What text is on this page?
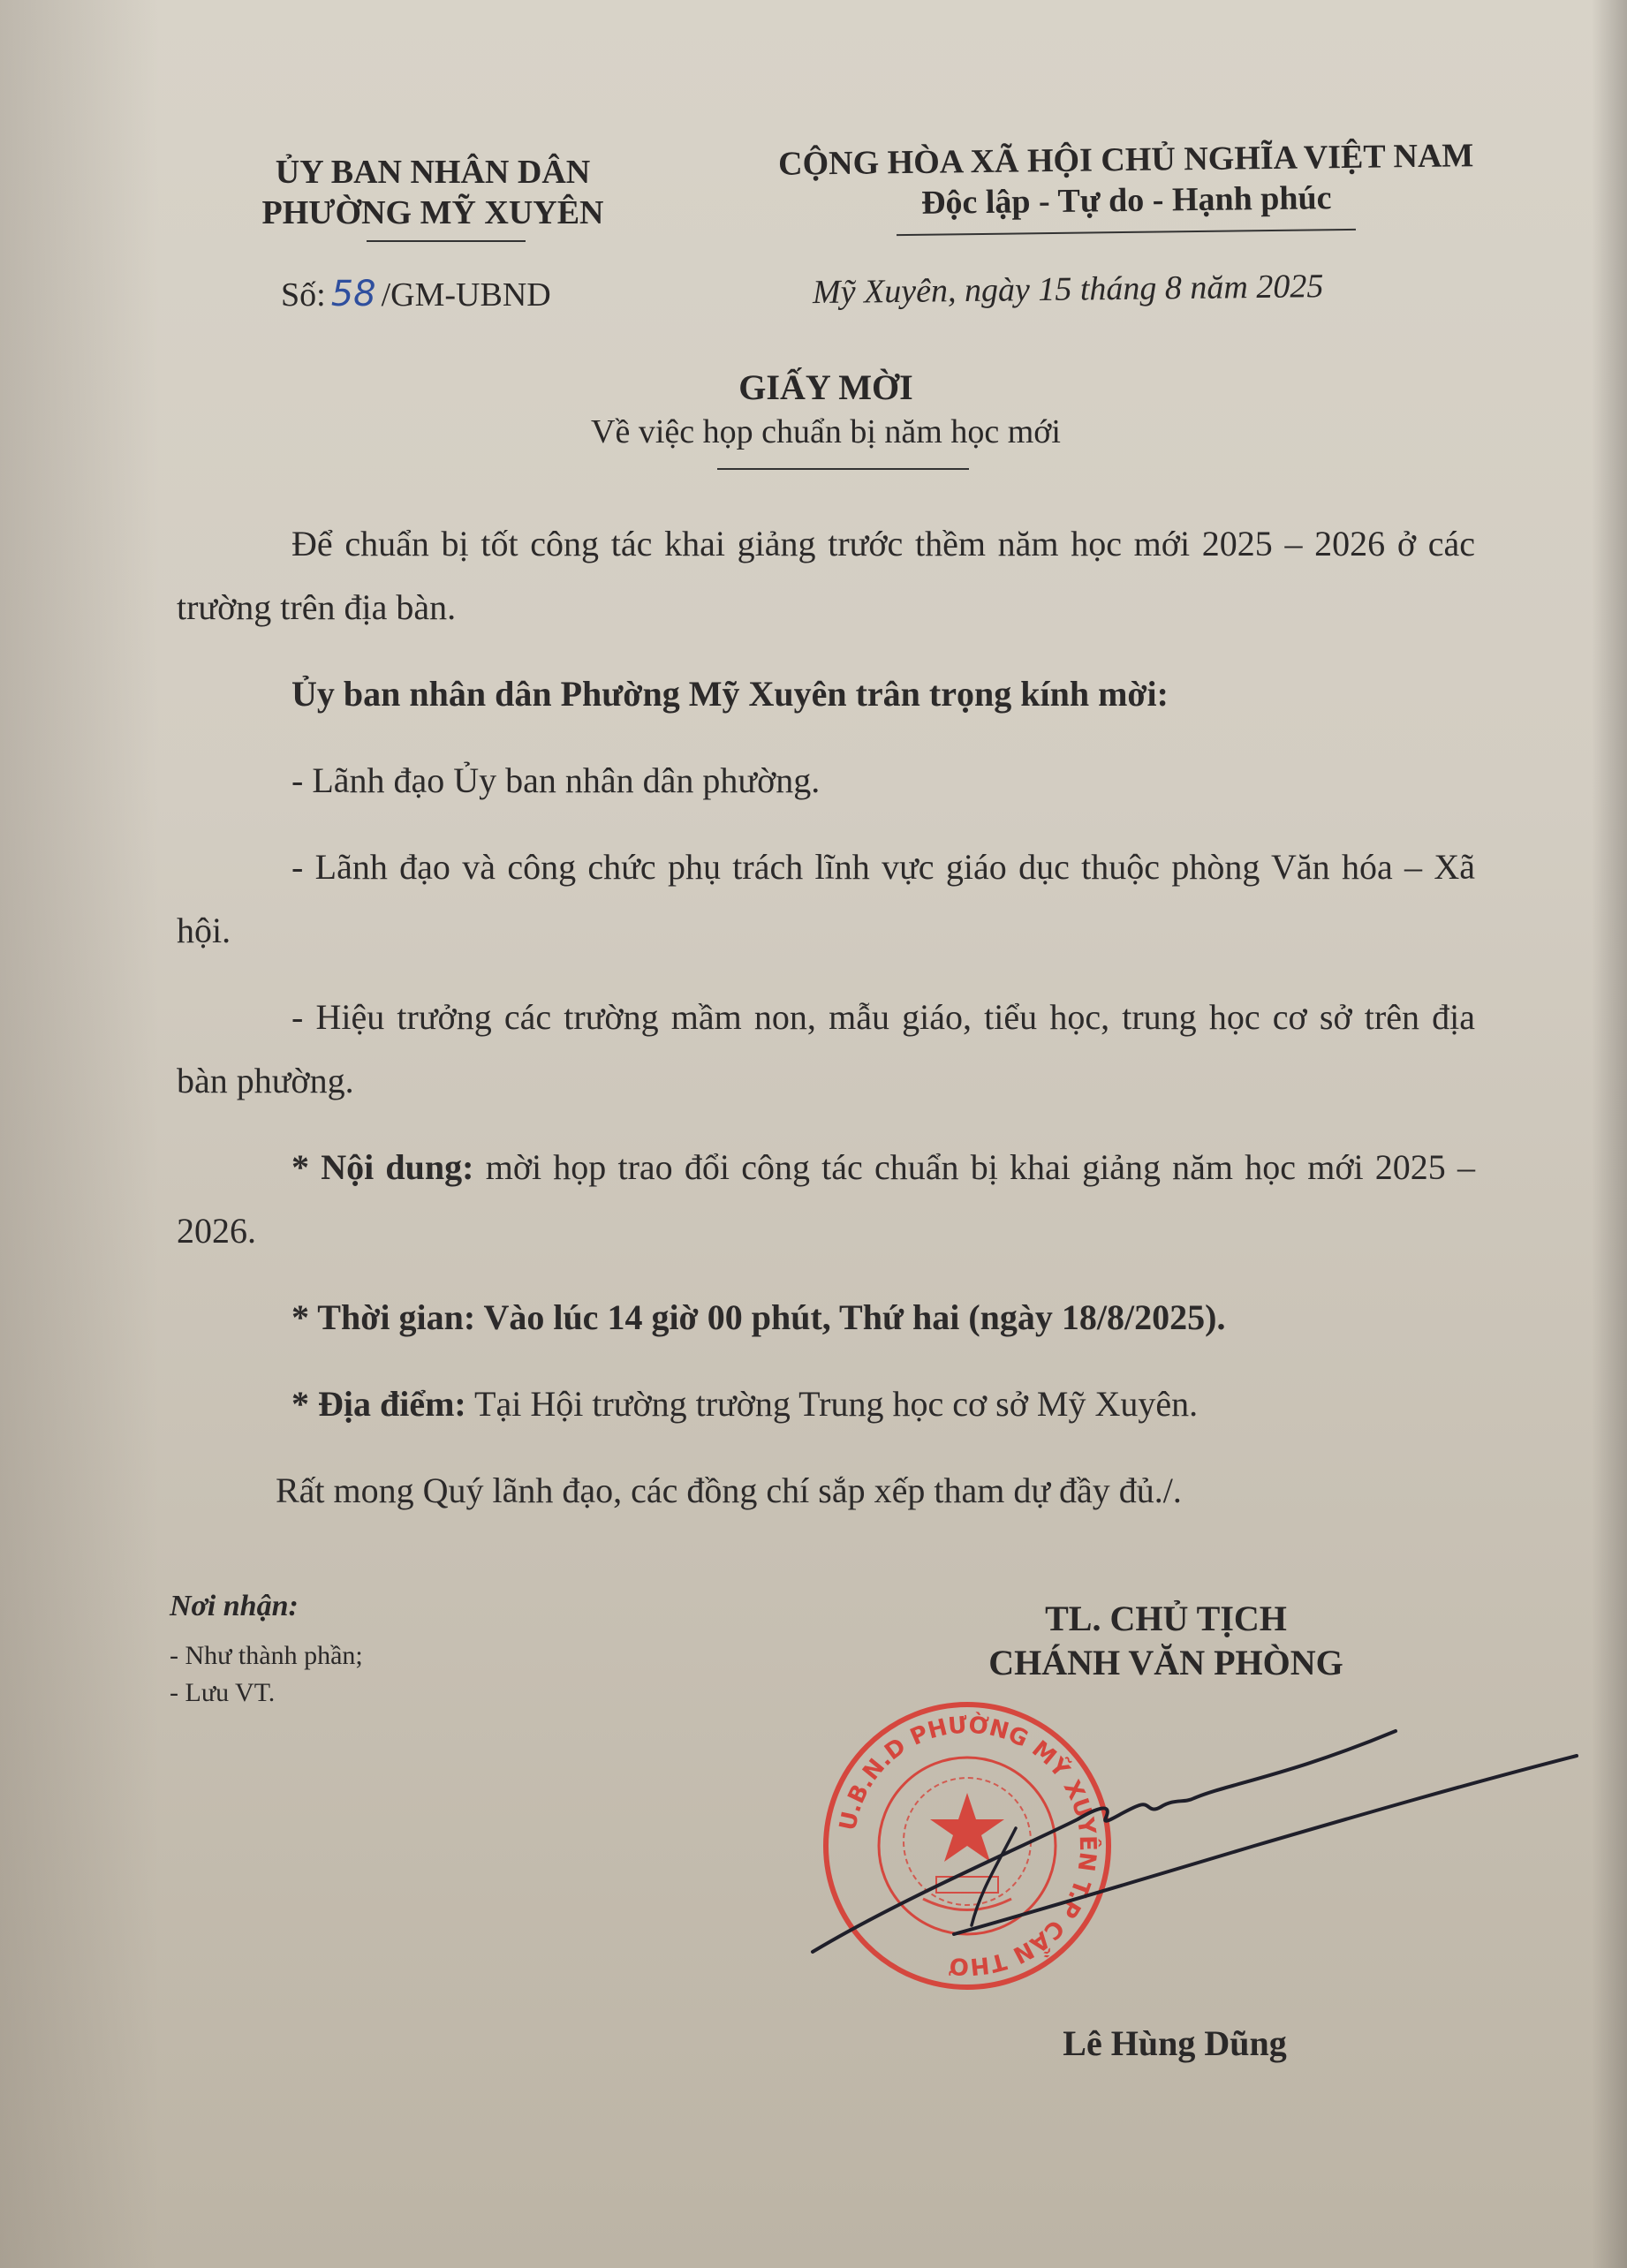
ỦY BAN NHÂN DÂN
PHƯỜNG MỸ XUYÊN
CỘNG HÒA XÃ HỘI CHỦ NGHĨA VIỆT NAM
Độc lập - Tự do - Hạnh phúc
Số: 58 /GM-UBND	Mỹ Xuyên, ngày 15 tháng 8 năm 2025
GIẤY MỜI
Về việc họp chuẩn bị năm học mới

Để chuẩn bị tốt công tác khai giảng trước thềm năm học mới 2025 – 2026 ở các trường trên địa bàn.

Ủy ban nhân dân Phường Mỹ Xuyên trân trọng kính mời:

- Lãnh đạo Ủy ban nhân dân phường.

- Lãnh đạo và công chức phụ trách lĩnh vực giáo dục thuộc phòng Văn hóa – Xã hội.

- Hiệu trưởng các trường mầm non, mẫu giáo, tiểu học, trung học cơ sở trên địa bàn phường.

* Nội dung: mời họp trao đổi công tác chuẩn bị khai giảng năm học mới 2025 – 2026.

* Thời gian: Vào lúc 14 giờ 00 phút, Thứ hai (ngày 18/8/2025).

* Địa điểm: Tại Hội trường trường Trung học cơ sở Mỹ Xuyên.

Rất mong Quý lãnh đạo, các đồng chí sắp xếp tham dự đầy đủ./.

Nơi nhận:
- Như thành phần;
- Lưu VT.
TL. CHỦ TỊCH
CHÁNH VĂN PHÒNG
U.B.N.D PHƯỜNG MỸ XUYÊN T.P CẦN THƠ
Lê Hùng Dũng
